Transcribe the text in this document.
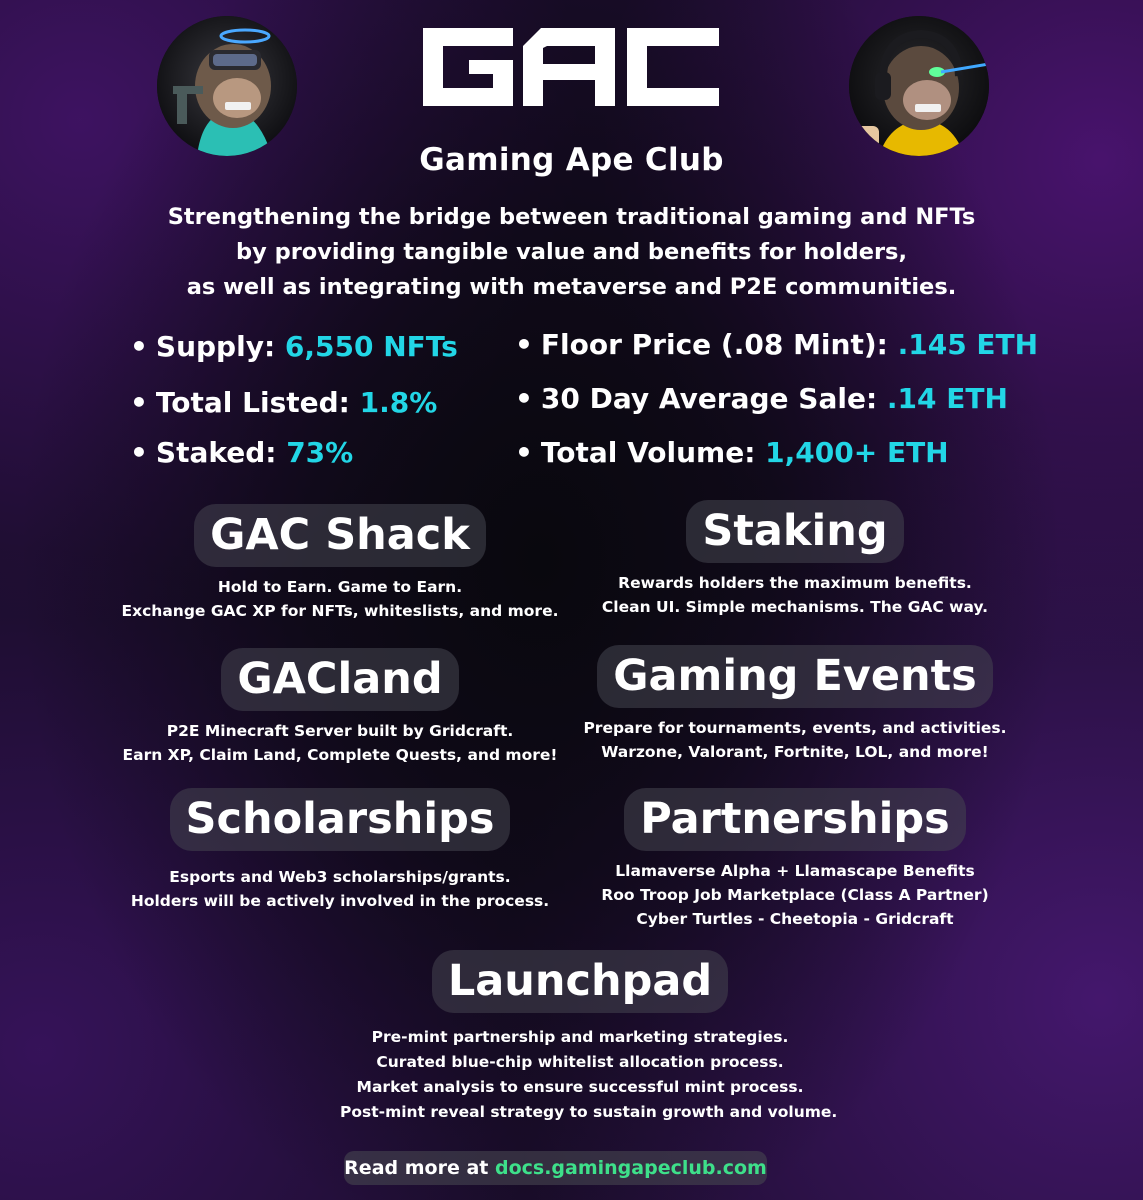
Gaming Ape Club
Strengthening the bridge between traditional gaming and NFTs
by providing tangible value and benefits for holders,
as well as integrating with metaverse and P2E communities.
• Supply: 6,550 NFTs
• Total Listed: 1.8%
• Staked: 73%
• Floor Price (.08 Mint): .145 ETH
• 30 Day Average Sale: .14 ETH
• Total Volume: 1,400+ ETH
GAC Shack
Hold to Earn. Game to Earn.
Exchange GAC XP for NFTs, whiteslists, and more.
Staking
Rewards holders the maximum benefits.
Clean UI. Simple mechanisms. The GAC way.
GACland
P2E Minecraft Server built by Gridcraft.
Earn XP, Claim Land, Complete Quests, and more!
Gaming Events
Prepare for tournaments, events, and activities.
Warzone, Valorant, Fortnite, LOL, and more!
Scholarships
Esports and Web3 scholarships/grants.
Holders will be actively involved in the process.
Partnerships
Llamaverse Alpha + Llamascape Benefits
Roo Troop Job Marketplace (Class A Partner)
Cyber Turtles - Cheetopia - Gridcraft
Launchpad
Pre-mint partnership and marketing strategies.
Curated blue-chip whitelist allocation process.
Market analysis to ensure successful mint process.
Post-mint reveal strategy to sustain growth and volume.
Read more at docs.gamingapeclub.com
